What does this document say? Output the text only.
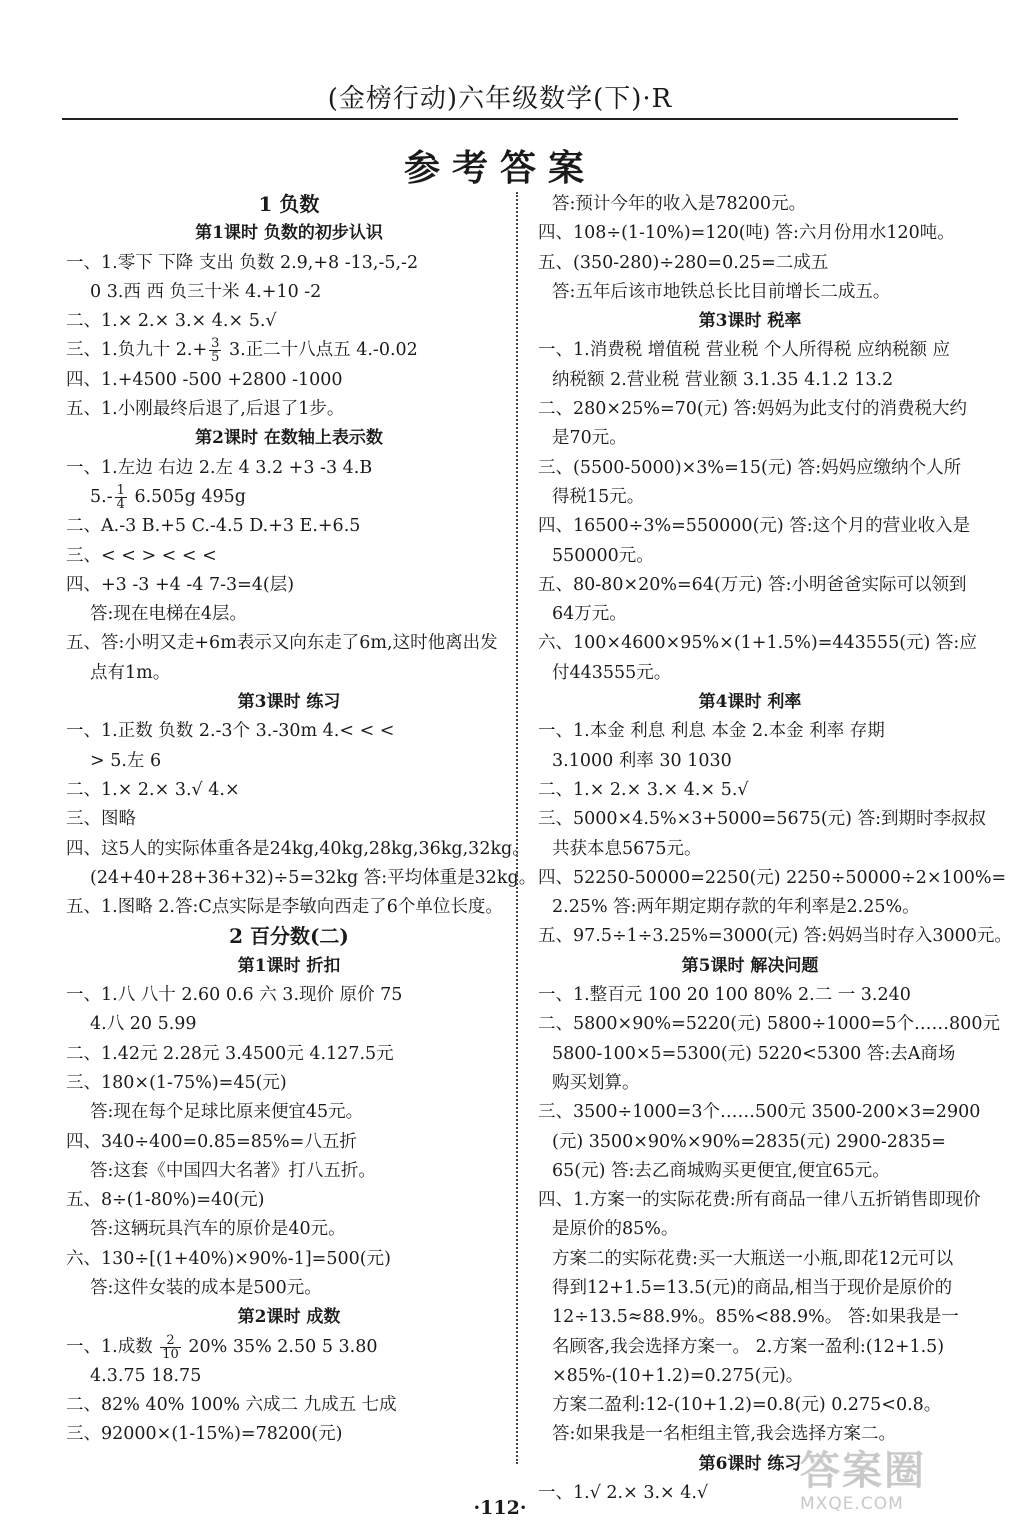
(金榜行动)六年级数学(下)·R
参考答案
1 负数
第1课时 负数的初步认识
一、1.零下 下降 支出 负数 2.9,+8 -13,-5,-2
0 3.西 西 负三十米 4.+10 -2
二、1.× 2.× 3.× 4.× 5.√
三、1.负九十 $2.+ \frac{3}{5} 3$.正二十八点五 4.-0.02
四、1.+4500 -500 +2800 -1000
五、1.小刚最终后退了,后退了1步。
第2课时 在数轴上表示数
一、1.左边 右边 2.左 4 3.2 +3 -3 4.B
$5.- \frac{1}{4} 6.505g$ 495g
二、A.-3 B.+5 C.-4.5 D.+3 E.+6.5
三、< < > < < <
四、+3 -3 +4 -4 7-3=4(层)
答:现在电梯在4层。
五、答:小明又走+6m表示又向东走了6m,这时他离出发
点有1m。
第3课时 练习
一、1.正数 负数 2.-3个 3.-30m 4.< < <
> 5.左 6
二、1.× 2.× 3.√ 4.×
三、图略
四、这5人的实际体重各是24kg,40kg,28kg,36kg,32kg。
(24+40+28+36+32)÷5=32kg 答:平均体重是32kg。
五、1.图略 2.答:C点实际是李敏向西走了6个单位长度。
2 百分数(二)
第1课时 折扣
一、1.八 八十 2.60 0.6 六 3.现价 原价 75
4.八 20 5.99
二、1.42元 2.28元 3.4500元 4.127.5元
三、180×(1-75%)=45(元)
答:现在每个足球比原来便宜45元。
四、340÷400=0.85=85%=八五折
答:这套《中国四大名著》打八五折。
五、8÷(1-80%)=40(元)
答:这辆玩具汽车的原价是40元。
六、130÷[(1+40%)×90%-1]=500(元)
答:这件女装的成本是500元。
第2课时 成数
一、1.成数 $\frac{2}{10} 20\%$ 35% 2.50 5 3.80
4.3.75 18.75
二、82% 40% 100% 六成二 九成五 七成
三、92000×(1-15%)=78200(元)
答:预计今年的收入是78200元。
四、108÷(1-10%)=120(吨) 答:六月份用水120吨。
五、(350-280)÷280=0.25=二成五
答:五年后该市地铁总长比目前增长二成五。
第3课时 税率
一、1.消费税 增值税 营业税 个人所得税 应纳税额 应
纳税额 2.营业税 营业额 3.1.35 4.1.2 13.2
二、280×25%=70(元) 答:妈妈为此支付的消费税大约
是70元。
三、(5500-5000)×3%=15(元) 答:妈妈应缴纳个人所
得税15元。
四、16500÷3%=550000(元) 答:这个月的营业收入是
550000元。
五、80-80×20%=64(万元) 答:小明爸爸实际可以领到
64万元。
六、100×4600×95%×(1+1.5%)=443555(元) 答:应
付443555元。
第4课时 利率
一、1.本金 利息 利息 本金 2.本金 利率 存期
3.1000 利率 30 1030
二、1.× 2.× 3.× 4.× 5.√
三、5000×4.5%×3+5000=5675(元) 答:到期时李叔叔
共获本息5675元。
四、52250-50000=2250(元) 2250÷50000÷2×100%=
2.25% 答:两年期定期存款的年利率是2.25%。
五、97.5÷1÷3.25%=3000(元) 答:妈妈当时存入3000元。
第5课时 解决问题
一、1.整百元 100 20 100 80% 2.二 一 3.240
二、5800×90%=5220(元) 5800÷1000=5个……800元
5800-100×5=5300(元) 5220<5300 答:去A商场
购买划算。
三、3500÷1000=3个……500元 3500-200×3=2900
(元) 3500×90%×90%=2835(元) 2900-2835=
65(元) 答:去乙商城购买更便宜,便宜65元。
四、1.方案一的实际花费:所有商品一律八五折销售即现价
是原价的85%。
方案二的实际花费:买一大瓶送一小瓶,即花12元可以
得到12+1.5=13.5(元)的商品,相当于现价是原价的
12÷13.5≈88.9%。85%<88.9%。 答:如果我是一
名顾客,我会选择方案一。 2.方案一盈利:(12+1.5)
×85%-(10+1.2)=0.275(元)。
方案二盈利:12-(10+1.2)=0.8(元) 0.275<0.8。
答:如果我是一名柜组主管,我会选择方案二。
第6课时 练习
一、1.√ 2.× 3.× 4.√
·112·
答案圈
MXQE.COM
